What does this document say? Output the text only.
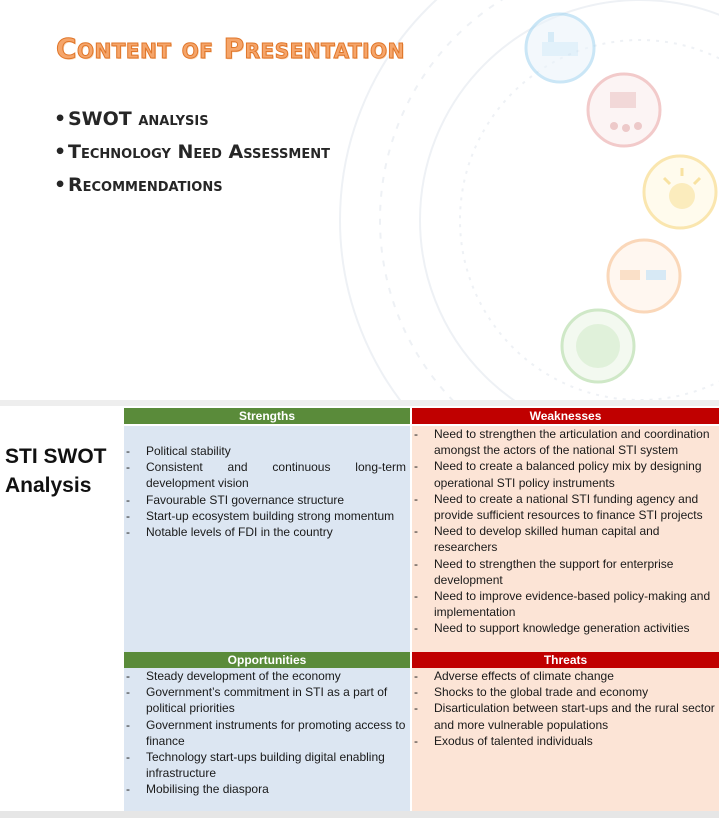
Content of Presentation
•SWOT analysis
•Technology Need Assessment
•Recommendations
STI SWOT Analysis
Strengths
- Political stability
- Consistent and continuous long-term development vision
- Favourable STI governance structure
- Start-up ecosystem building strong momentum
- Notable levels of FDI in the country
Weaknesses
- Need to strengthen the articulation and coordination amongst the actors of the national STI system
- Need to create a balanced policy mix by designing operational STI policy instruments
- Need to create a national STI funding agency and provide sufficient resources to finance STI projects
- Need to develop skilled human capital and researchers
- Need to strengthen the support for enterprise development
- Need to improve evidence-based policy-making and implementation
- Need to support knowledge generation activities
Opportunities
- Steady development of the economy
- Government’s commitment in STI as a part of political priorities
- Government instruments for promoting access to finance
- Technology start-ups building digital enabling infrastructure
- Mobilising the diaspora
Threats
- Adverse effects of climate change
- Shocks to the global trade and economy
- Disarticulation between start-ups and the rural sector and more vulnerable populations
- Exodus of talented individuals
